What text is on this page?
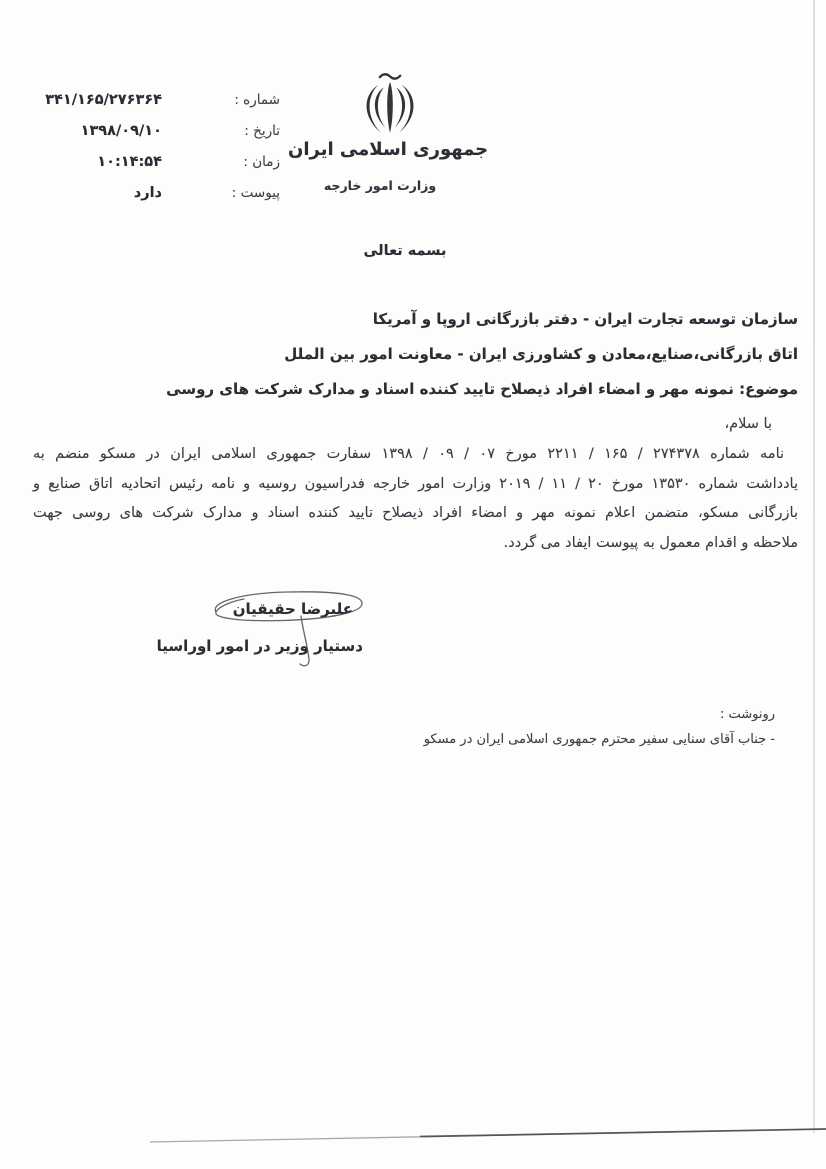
جمهوری اسلامی ایران
وزارت امور خارجه
شماره :
۳۴۱/۱۶۵/۲۷۶۳۶۴
تاریخ :
۱۳۹۸/۰۹/۱۰
زمان :
۱۰:۱۴:۵۴
پیوست :
دارد
بسمه تعالی
سازمان توسعه تجارت ایران - دفتر بازرگانی اروپا و آمریکا
اتاق بازرگانی،صنایع،معادن و کشاورزی ایران - معاونت امور بین الملل
موضوع: نمونه مهر و امضاء افراد ذیصلاح تایید کننده اسناد و مدارک شرکت های روسی
با سلام،
نامه شماره ۲۷۴۳۷۸ / ۱۶۵ / ۲۲۱۱ مورخ ۰۷ / ۰۹ / ۱۳۹۸ سفارت جمهوری اسلامی ایران در مسکو منضم به
یادداشت شماره ۱۳۵۳۰ مورخ ۲۰ / ۱۱ / ۲۰۱۹ وزارت امور خارجه فدراسیون روسیه و نامه رئیس اتحادیه اتاق صنایع و
بازرگانی مسکو، متضمن اعلام نمونه مهر و امضاء افراد ذیصلاح تایید کننده اسناد و مدارک شرکت های روسی جهت
ملاحظه و اقدام معمول به پیوست ایفاد می گردد.
علیرضا حقیقیان
دستیار وزیر در امور اوراسیا
رونوشت :
- جناب آقای سنایی سفیر محترم جمهوری اسلامی ایران در مسکو
